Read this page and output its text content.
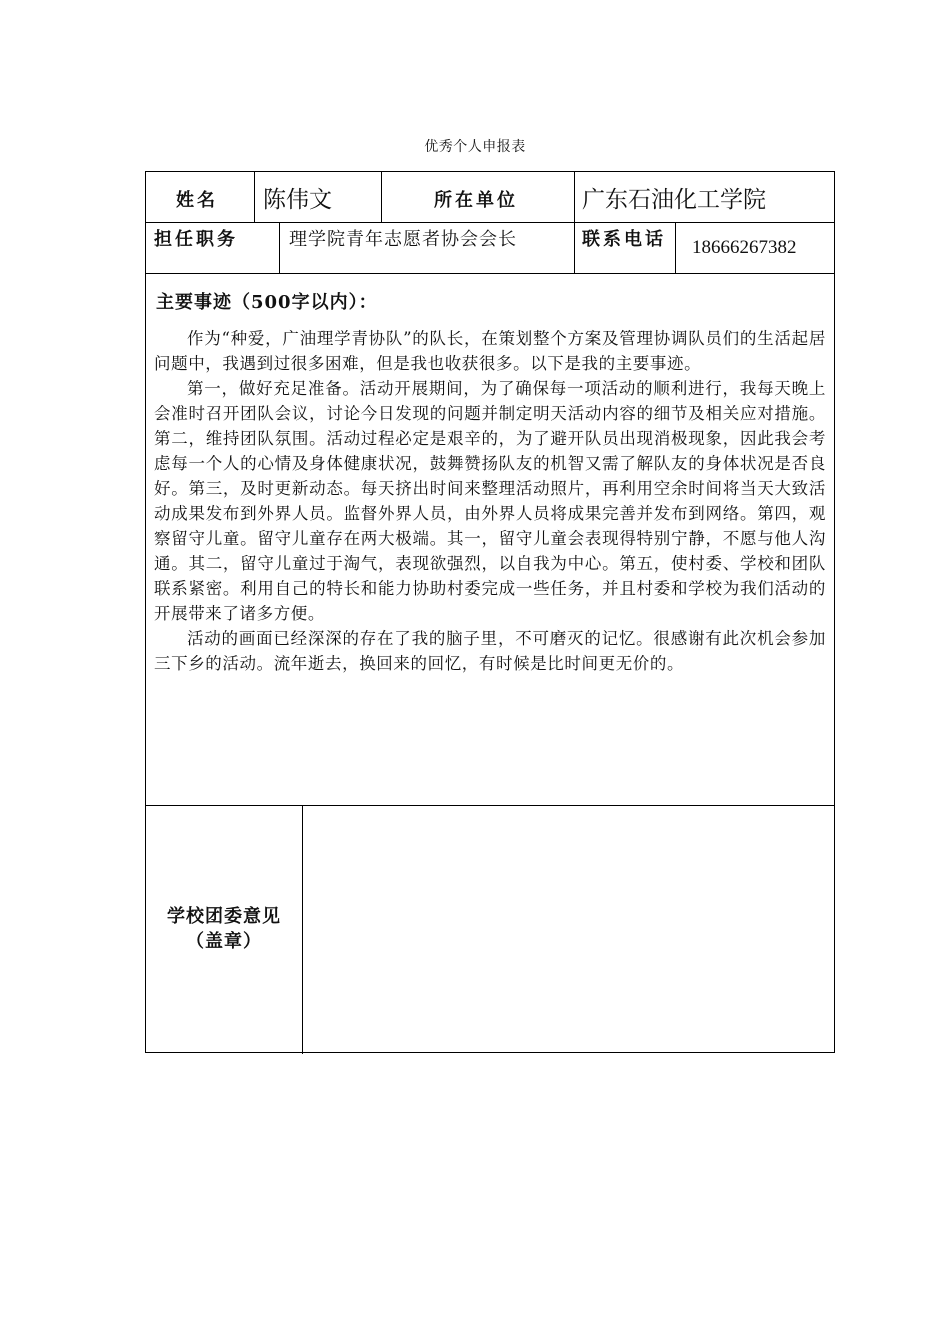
优秀个人申报表
姓名 陈伟文	所在单位	广东石油化工学院
担任职务	理学院青年志愿者协会会长	联系电话 18666267382
主要事迹（500字以内）：

作为“种爱，广油理学青协队”的队长，在策划整个方案及管理协调队员们的生活起居问题中，我遇到过很多困难，但是我也收获很多。以下是我的主要事迹。

第一，做好充足准备。活动开展期间，为了确保每一项活动的顺利进行，我每天晚上会准时召开团队会议，讨论今日发现的问题并制定明天活动内容的细节及相关应对措施。第二，维持团队氛围。活动过程必定是艰辛的，为了避开队员出现消极现象，因此我会考虑每一个人的心情及身体健康状况，鼓舞赞扬队友的机智又需了解队友的身体状况是否良好。第三，及时更新动态。每天挤出时间来整理活动照片，再利用空余时间将当天大致活动成果发布到外界人员。监督外界人员，由外界人员将成果完善并发布到网络。第四，观察留守儿童。留守儿童存在两大极端。其一，留守儿童会表现得特别宁静，不愿与他人沟通。其二，留守儿童过于淘气，表现欲强烈，以自我为中心。第五，使村委、学校和团队联系紧密。利用自己的特长和能力协助村委完成一些任务，并且村委和学校为我们活动的开展带来了诸多方便。

活动的画面已经深深的存在了我的脑子里，不可磨灭的记忆。很感谢有此次机会参加三下乡的活动。流年逝去，换回来的回忆，有时候是比时间更无价的。

学校团委意见
（盖章）
